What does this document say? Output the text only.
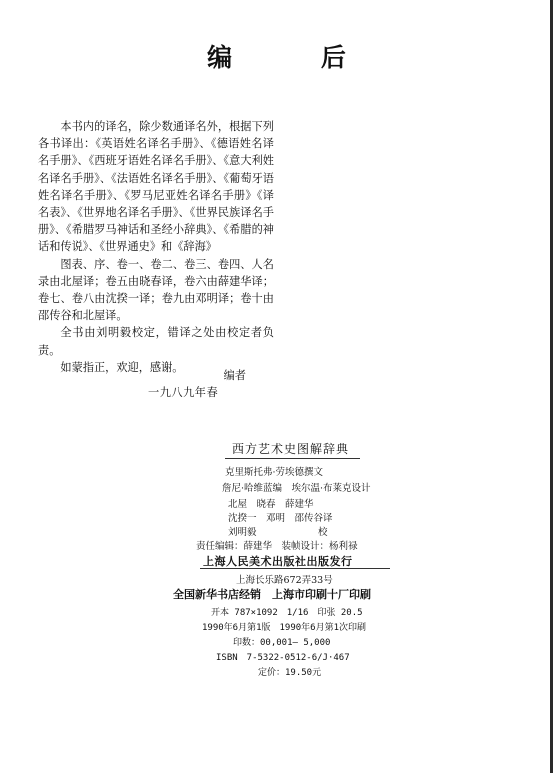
编 后

本书内的译名，除少数通译名外，根据下列各书译出：《英语姓名译名手册》、《德语姓名译名手册》、《西班牙语姓名译名手册》、《意大利姓名译名手册》、《法语姓名译名手册》、《葡萄牙语姓名译名手册》、《罗马尼亚姓名译名手册》《译名表》、《世界地名译名手册》、《世界民族译名手册》、《希腊罗马神话和圣经小辞典》、《希腊的神话和传说》、《世界通史》和《辞海》

图表、序、卷一、卷二、卷三、卷四、人名录由北屋译；卷五由晓春译，卷六由薛建华译；卷七、卷八由沈揆一译；卷九由邓明译；卷十由邵传谷和北屋译。

全书由刘明毅校定，错译之处由校定者负责。

如蒙指正，欢迎，感谢。

编者
一九八九年春
西方艺术史图解辞典
克里斯托弗·劳埃德撰文
詹尼·哈维蓝编　埃尔温·布莱克设计
北屋　晓春　薛建华
沈揆一　邓明　邵传谷译
刘明毅	校
责任编辑：薛建华　装帧设计：杨利禄
上海人民美术出版社出版发行
上海长乐路672弄33号
全国新华书店经销　上海市印刷十厂印刷
开本 787×1092　1/16　印张 20.5
1990年6月第1版　1990年6月第1次印刷
印数：00,001— 5,000
ISBN　7-5322-0512-6/J·467
定价：19.50元
